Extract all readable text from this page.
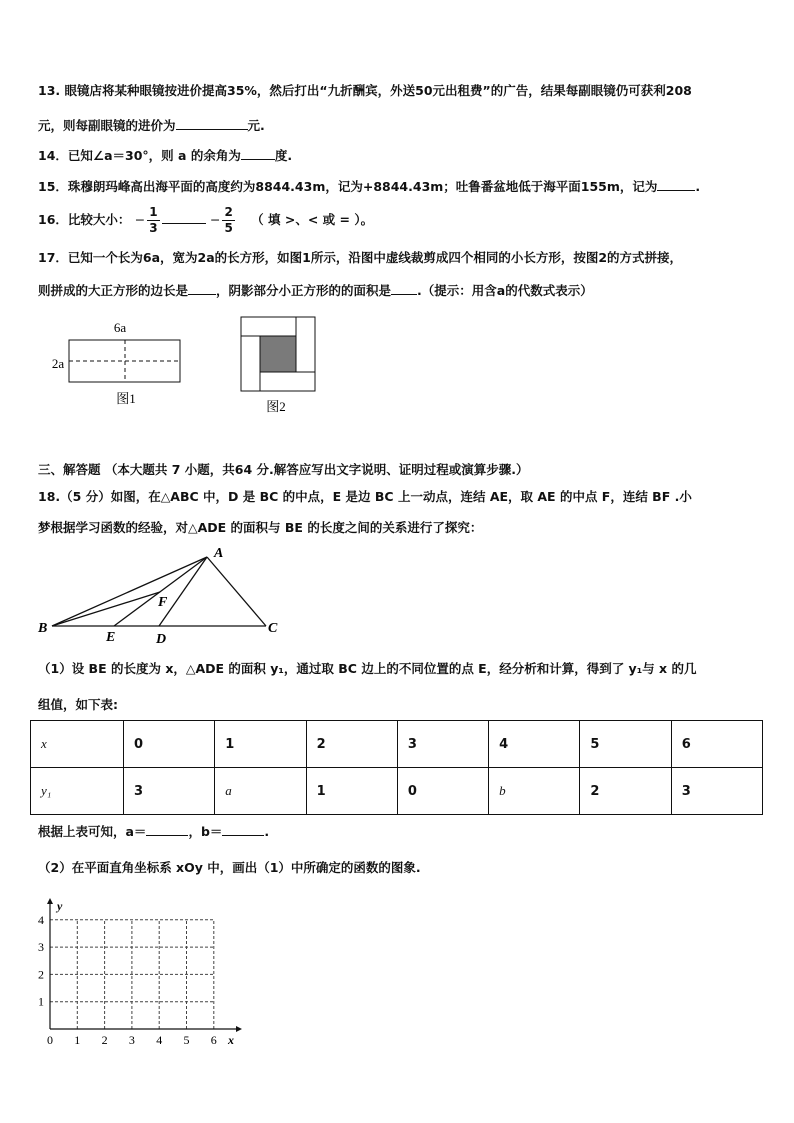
13. 眼镜店将某种眼镜按进价提高35%，然后打出“九折酬宾，外送50元出租费”的广告，结果每副眼镜仍可获利208
元，则每副眼镜的进价为	元.
14．已知∠a＝30°，则 a 的余角为	度.
15．珠穆朗玛峰高出海平面的高度约为8844.43m，记为+8844.43m；吐鲁番盆地低于海平面155m，记为	.
16．比较大小： − $\frac{1}{3}$	− $\frac{2}{5}$ （ 填 >、< 或 = ）。
17．已知一个长为6a，宽为2a的长方形，如图1所示，沿图中虚线裁剪成四个相同的小长方形，按图2的方式拼接，
则拼成的大正方形的边长是 ，阴影部分小正方形的的面积是 .（提示：用含a的代数式表示）
6a
2a
图1
图2
三、解答题 （本大题共 7 小题，共64 分.解答应写出文字说明、证明过程或演算步骤.）
18.（5 分）如图，在△ABC 中，D 是 BC 的中点，E 是边 BC 上一动点，连结 AE，取 AE 的中点 F，连结 BF .小
梦根据学习函数的经验，对△ADE 的面积与 BE 的长度之间的关系进行了探究：
A
B	C
D
E
F
（1）设 BE 的长度为 x，△ADE 的面积 y₁，通过取 BC 边上的不同位置的点 E，经分析和计算，得到了 y₁与 x 的几
组值，如下表:
x	0	1	2	3	4	5	6
y₁	3	a	1	0	b	2	3
根据上表可知，a＝	，b＝	.
（2）在平面直角坐标系 xOy 中，画出（1）中所确定的函数的图象.
x
y
0 1 2 3 4 5 6
1
2
3
4
